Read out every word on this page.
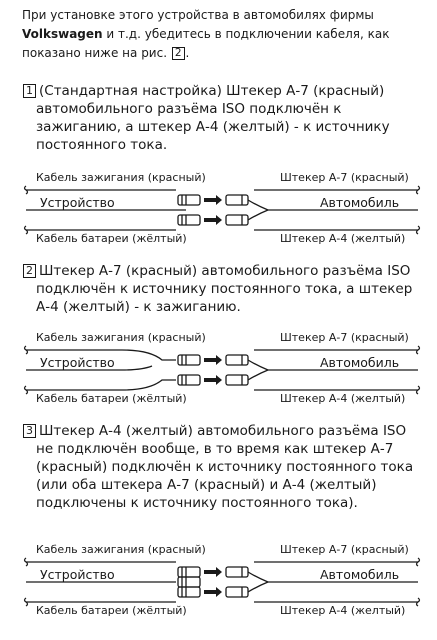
При установке этого устройства в автомобилях фирмы
Volkswagen и т.д. убедитесь в подключении кабеля, как
показано ниже на рис. 2 .
1 (Стандартная настройка) Штекер А-7 (красный) автомобильного разъёма ISO подключён к зажиганию, а штекер А-4 (желтый) - к источнику постоянного тока.
Кабель зажигания (красный)	Штекер А-7 (красный)
Устройство	Автомобиль
Кабель батареи (жёлтый)	Штекер А-4 (желтый)
2 Штекер А-7 (красный) автомобильного разъёма ISO подключён к источнику постоянного тока, а штекер А-4 (желтый) - к зажиганию.
Кабель зажигания (красный)	Штекер А-7 (красный)
Устройство	Автомобиль
Кабель батареи (жёлтый)	Штекер А-4 (желтый)
3 Штекер А-4 (желтый) автомобильного разъёма ISO не подключён вообще, в то время как штекер А-7 (красный) подключён к источнику постоянного тока (или оба штекера А-7 (красный) и А-4 (желтый) подключены к источнику постоянного тока).
Кабель зажигания (красный)	Штекер А-7 (красный)
Устройство	Автомобиль
Кабель батареи (жёлтый)	Штекер А-4 (желтый)
